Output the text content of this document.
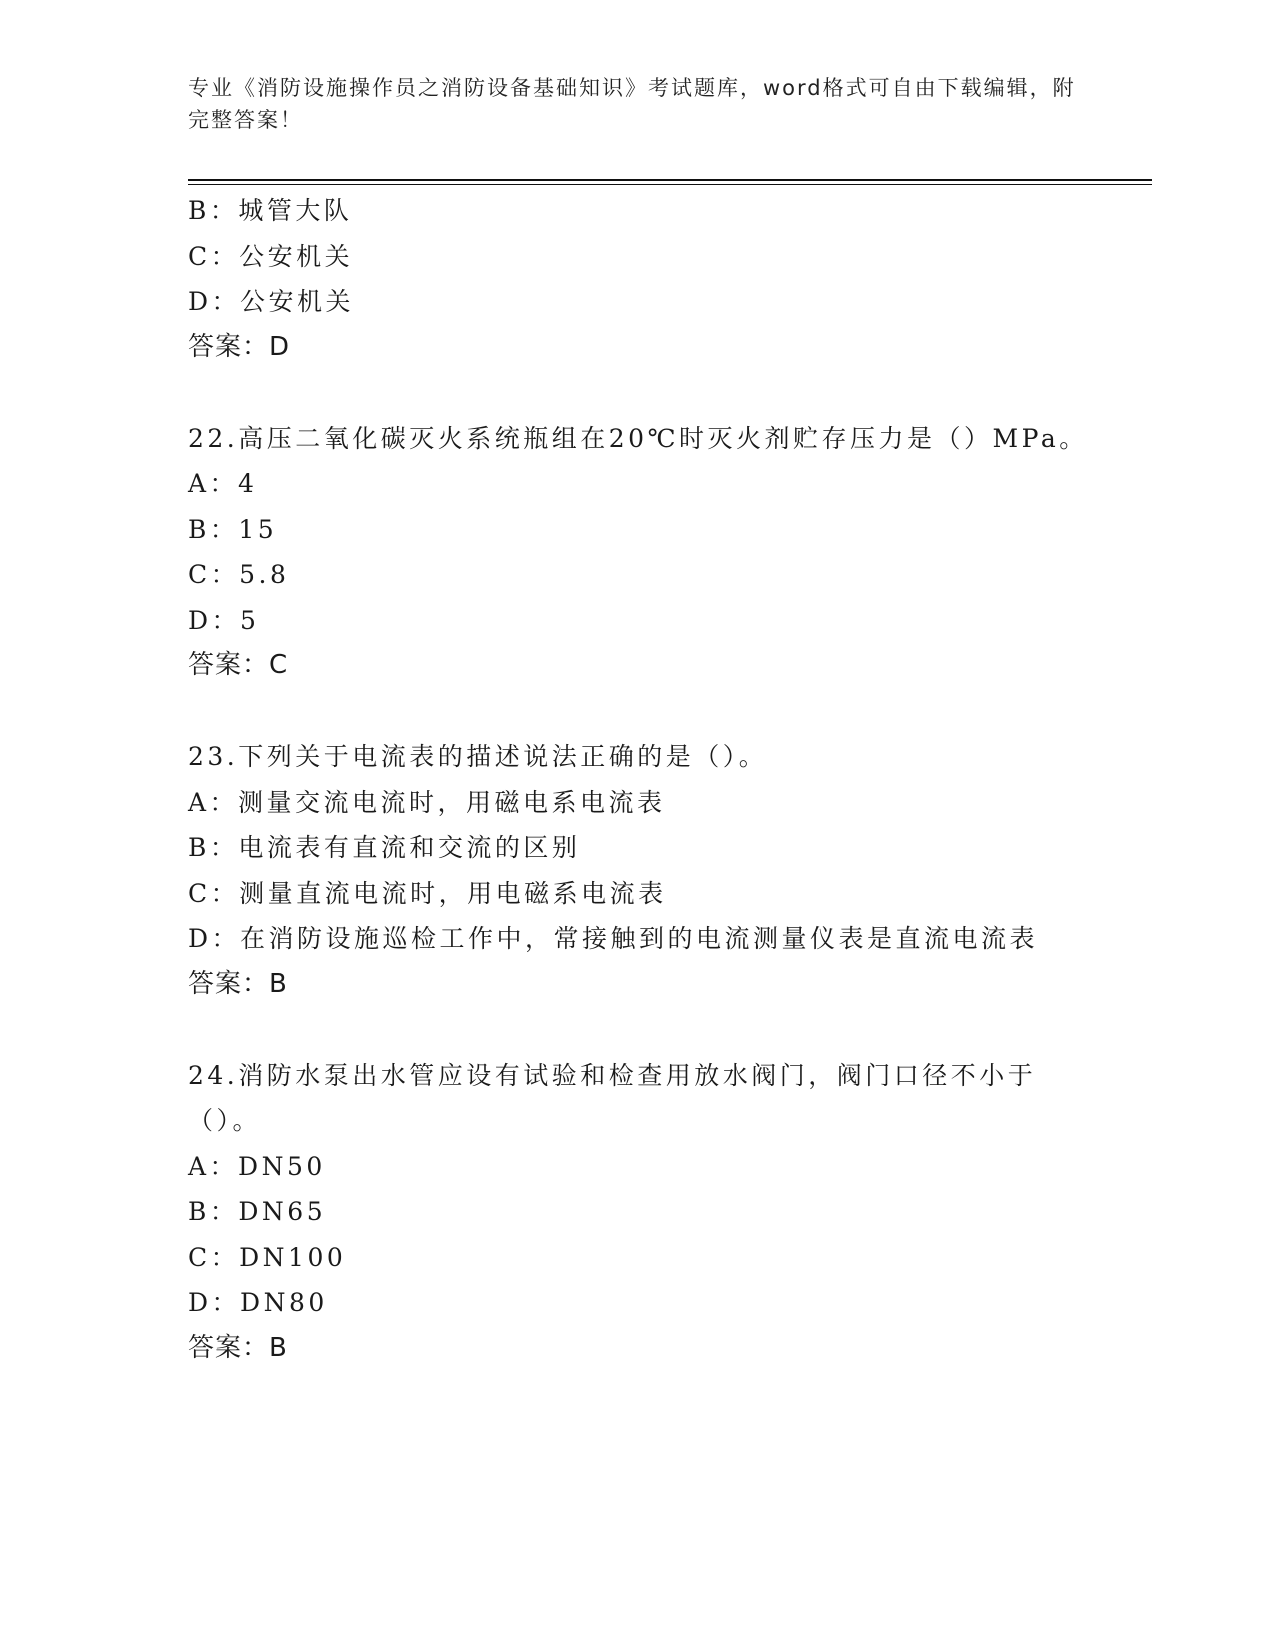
专业《消防设施操作员之消防设备基础知识》考试题库，word格式可自由下载编辑，附完整答案！
B：城管大队
C：公安机关
D：公安机关
答案：D
22.高压二氧化碳灭火系统瓶组在20℃时灭火剂贮存压力是（）MPa。
A：4
B：15
C：5.8
D：5
答案：C
23.下列关于电流表的描述说法正确的是（）。
A：测量交流电流时，用磁电系电流表
B：电流表有直流和交流的区别
C：测量直流电流时，用电磁系电流表
D：在消防设施巡检工作中，常接触到的电流测量仪表是直流电流表
答案：B
24.消防水泵出水管应设有试验和检查用放水阀门，阀门口径不小于（）。
A：DN50
B：DN65
C：DN100
D：DN80
答案：B
